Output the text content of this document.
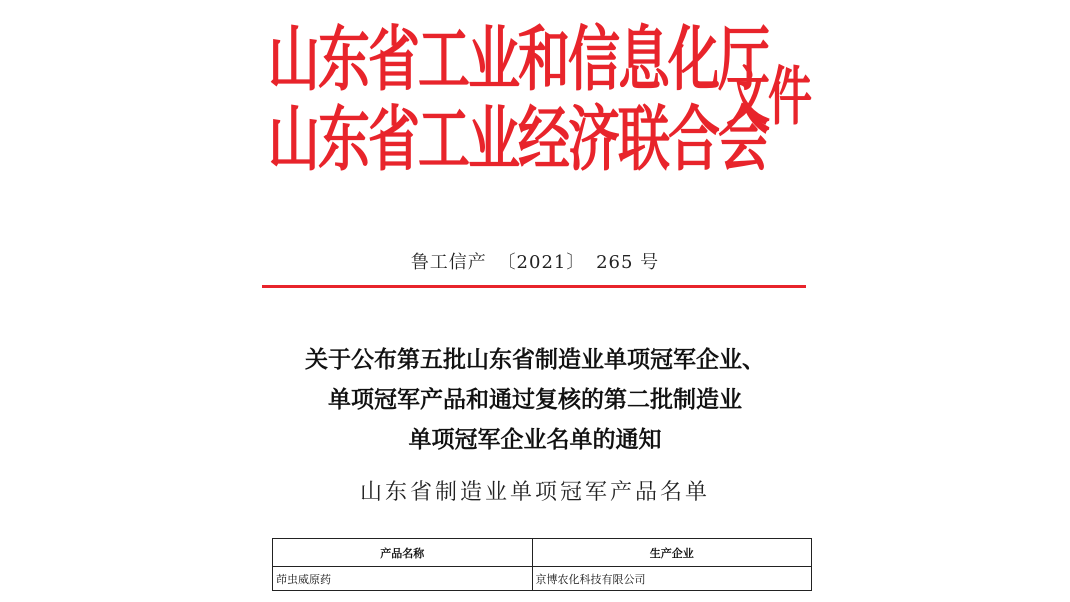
山东省工业和信息化厅
山东省工业经济联合会
文件
鲁工信产 〔2021〕 265 号
关于公布第五批山东省制造业单项冠军企业、
单项冠军产品和通过复核的第二批制造业
单项冠军企业名单的通知
山东省制造业单项冠军产品名单
产品名称	生产企业
茚虫威原药	京博农化科技有限公司
